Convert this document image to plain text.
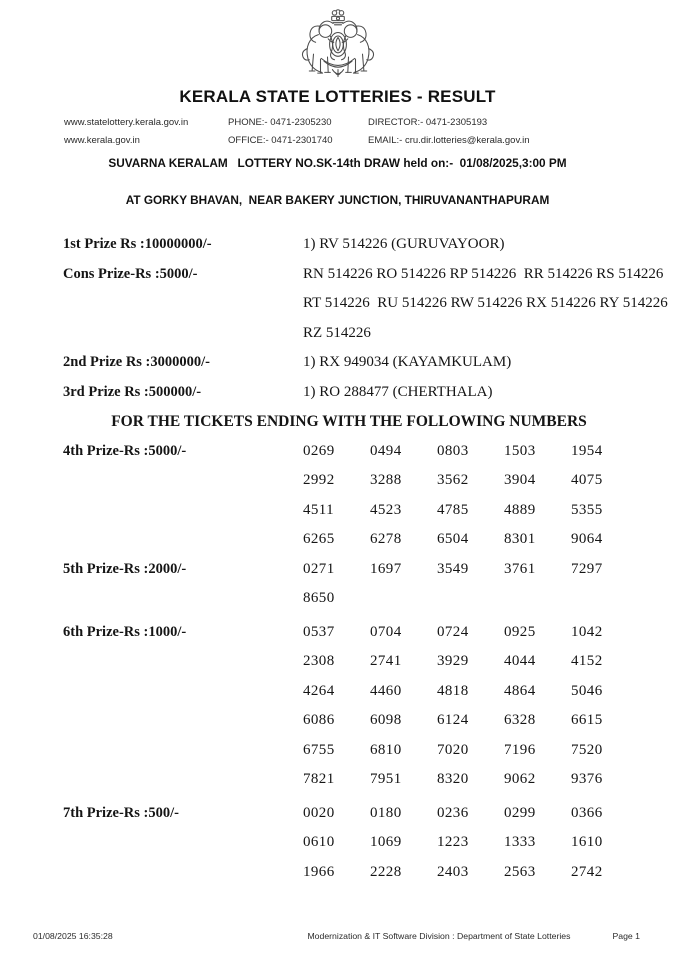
KERALA STATE LOTTERIES - RESULT
www.statelottery.kerala.gov.in	PHONE:- 0471-2305230	DIRECTOR:- 0471-2305193
www.kerala.gov.in	OFFICE:- 0471-2301740	EMAIL:- cru.dir.lotteries@kerala.gov.in
SUVARNA KERALAM   LOTTERY NO.SK-14th DRAW held on:-  01/08/2025,3:00 PM
AT GORKY BHAVAN,  NEAR BAKERY JUNCTION, THIRUVANANTHAPURAM
1st Prize Rs :10000000/-	1) RV 514226 (GURUVAYOOR)
Cons Prize-Rs :5000/-	RN 514226 RO 514226 RP 514226  RR 514226 RS 514226
RT 514226  RU 514226 RW 514226 RX 514226 RY 514226
RZ 514226
2nd Prize Rs :3000000/-	1) RX 949034 (KAYAMKULAM)
3rd Prize Rs :500000/-	1) RO 288477 (CHERTHALA)
FOR THE TICKETS ENDING WITH THE FOLLOWING NUMBERS
4th Prize-Rs :5000/-	0269	0494	0803	1503	1954
2992	3288	3562	3904	4075
4511	4523	4785	4889	5355
6265	6278	6504	8301	9064
5th Prize-Rs :2000/-	0271	1697	3549	3761	7297
8650
6th Prize-Rs :1000/-	0537	0704	0724	0925	1042
2308	2741	3929	4044	4152
4264	4460	4818	4864	5046
6086	6098	6124	6328	6615
6755	6810	7020	7196	7520
7821	7951	8320	9062	9376
7th Prize-Rs :500/-	0020	0180	0236	0299	0366
0610	1069	1223	1333	1610
1966	2228	2403	2563	2742
01/08/2025 16:35:28	Modernization & IT Software Division : Department of State Lotteries	Page 1
